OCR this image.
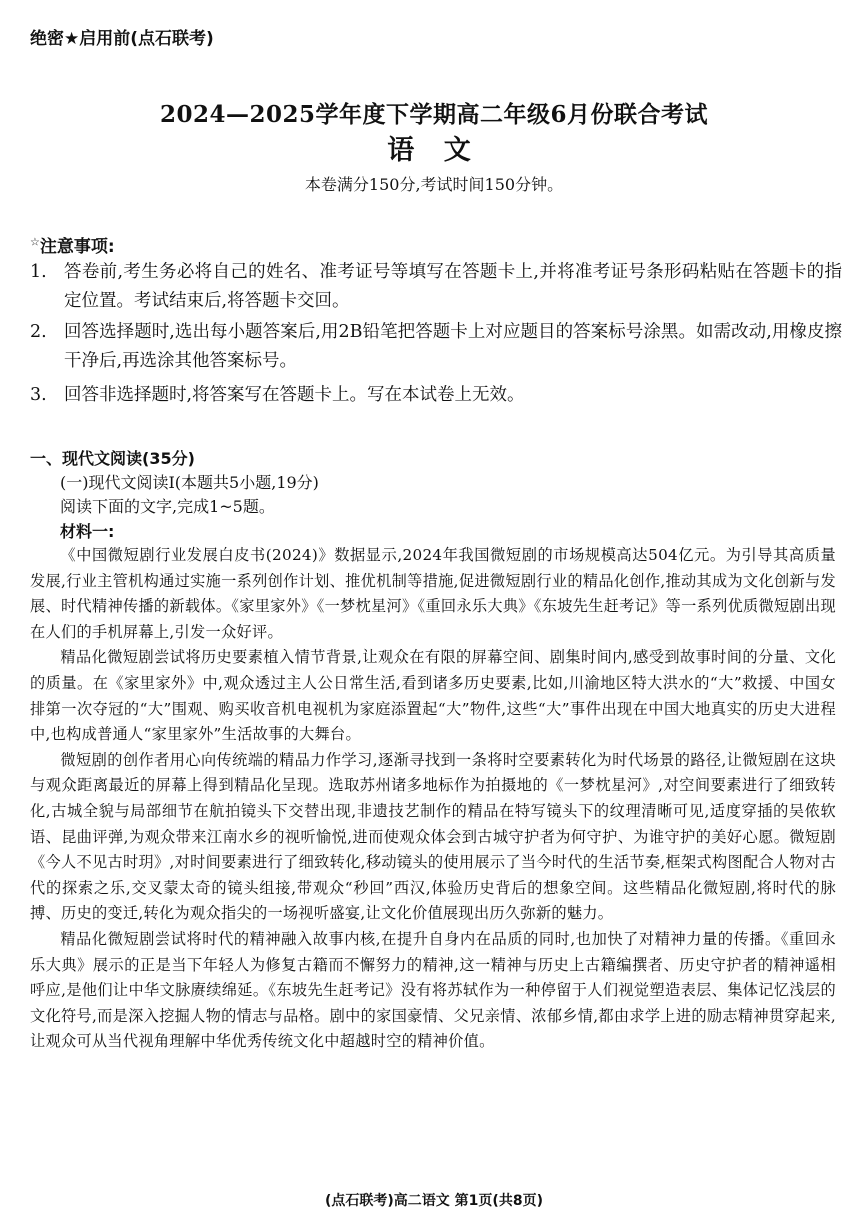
绝密★启用前(点石联考)
2024—2025学年度下学期高二年级6月份联合考试
语 文
本卷满分150分,考试时间150分钟。
☆注意事项:
1. 答卷前,考生务必将自己的姓名、准考证号等填写在答题卡上,并将准考证号条形码粘贴在答题卡的指定位置。考试结束后,将答题卡交回。
2. 回答选择题时,选出每小题答案后,用2B铅笔把答题卡上对应题目的答案标号涂黑。如需改动,用橡皮擦干净后,再选涂其他答案标号。
3. 回答非选择题时,将答案写在答题卡上。写在本试卷上无效。
一、现代文阅读(35分)
(一)现代文阅读Ⅰ(本题共5小题,19分)
阅读下面的文字,完成1~5题。
材料一:

《中国微短剧行业发展白皮书(2024)》数据显示,2024年我国微短剧的市场规模高达504亿元。为引导其高质量发展,行业主管机构通过实施一系列创作计划、推优机制等措施,促进微短剧行业的精品化创作,推动其成为文化创新与发展、时代精神传播的新载体。《家里家外》《一梦枕星河》《重回永乐大典》《东坡先生赶考记》等一系列优质微短剧出现在人们的手机屏幕上,引发一众好评。

精品化微短剧尝试将历史要素植入情节背景,让观众在有限的屏幕空间、剧集时间内,感受到故事时间的分量、文化的质量。在《家里家外》中,观众透过主人公日常生活,看到诸多历史要素,比如,川渝地区特大洪水的“大”救援、中国女排第一次夺冠的“大”围观、购买收音机电视机为家庭添置起“大”物件,这些“大”事件出现在中国大地真实的历史大进程中,也构成普通人“家里家外”生活故事的大舞台。

微短剧的创作者用心向传统端的精品力作学习,逐渐寻找到一条将时空要素转化为时代场景的路径,让微短剧在这块与观众距离最近的屏幕上得到精品化呈现。选取苏州诸多地标作为拍摄地的《一梦枕星河》,对空间要素进行了细致转化,古城全貌与局部细节在航拍镜头下交替出现,非遗技艺制作的精品在特写镜头下的纹理清晰可见,适度穿插的吴侬软语、昆曲评弹,为观众带来江南水乡的视听愉悦,进而使观众体会到古城守护者为何守护、为谁守护的美好心愿。微短剧《今人不见古时玥》,对时间要素进行了细致转化,移动镜头的使用展示了当今时代的生活节奏,框架式构图配合人物对古代的探索之乐,交叉蒙太奇的镜头组接,带观众“秒回”西汉,体验历史背后的想象空间。这些精品化微短剧,将时代的脉搏、历史的变迁,转化为观众指尖的一场视听盛宴,让文化价值展现出历久弥新的魅力。

精品化微短剧尝试将时代的精神融入故事内核,在提升自身内在品质的同时,也加快了对精神力量的传播。《重回永乐大典》展示的正是当下年轻人为修复古籍而不懈努力的精神,这一精神与历史上古籍编撰者、历史守护者的精神遥相呼应,是他们让中华文脉赓续绵延。《东坡先生赶考记》没有将苏轼作为一种停留于人们视觉塑造表层、集体记忆浅层的文化符号,而是深入挖掘人物的情志与品格。剧中的家国豪情、父兄亲情、浓郁乡情,都由求学上进的励志精神贯穿起来,让观众可从当代视角理解中华优秀传统文化中超越时空的精神价值。

(点石联考)高二语文 第1页(共8页)
